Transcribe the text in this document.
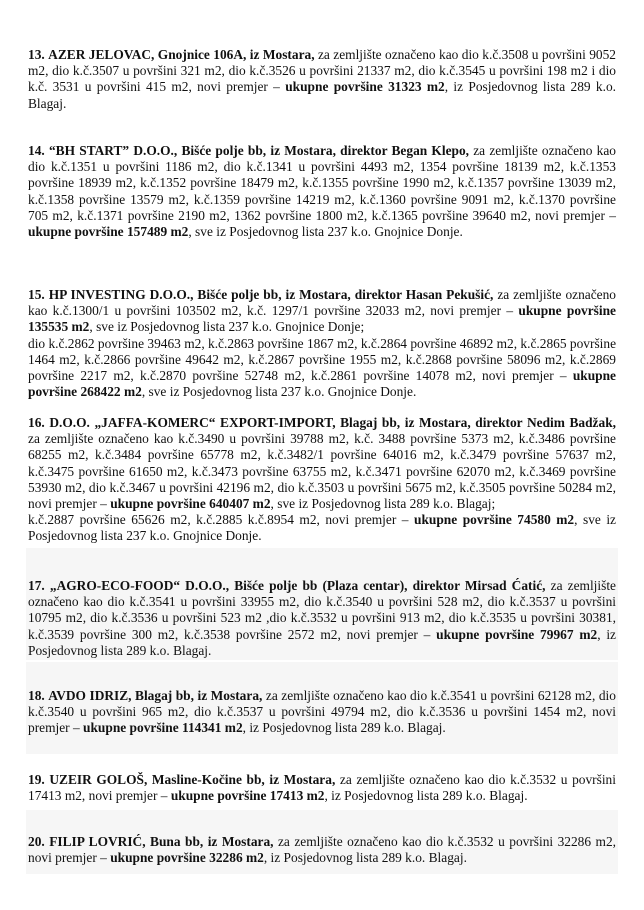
13. AZER JELOVAC, Gnojnice 106A, iz Mostara, za zemljište označeno kao dio k.č.3508 u površini 9052 m2, dio k.č.3507 u površini 321 m2, dio k.č.3526 u površini 21337 m2, dio k.č.3545 u površini 198 m2 i dio k.č. 3531 u površini 415 m2, novi premjer – ukupne površine 31323 m2, iz Posjedovnog lista 289 k.o. Blagaj.

14. “BH START” D.O.O., Bišće polje bb, iz Mostara, direktor Began Klepo, za zemljište označeno kao dio k.č.1351 u površini 1186 m2, dio k.č.1341 u površini 4493 m2, 1354 površine 18139 m2, k.č.1353 površine 18939 m2, k.č.1352 površine 18479 m2, k.č.1355 površine 1990 m2, k.č.1357 površine 13039 m2, k.č.1358 površine 13579 m2, k.č.1359 površine 14219 m2, k.č.1360 površine 9091 m2, k.č.1370 površine 705 m2, k.č.1371 površine 2190 m2, 1362 površine 1800 m2, k.č.1365 površine 39640 m2, novi premjer – ukupne površine 157489 m2, sve iz Posjedovnog lista 237 k.o. Gnojnice Donje.

15. HP INVESTING D.O.O., Bišće polje bb, iz Mostara, direktor Hasan Pekušić, za zemljište označeno kao k.č.1300/1 u površini 103502 m2, k.č. 1297/1 površine 32033 m2, novi premjer – ukupne površine 135535 m2, sve iz Posjedovnog lista 237 k.o. Gnojnice Donje;

dio k.č.2862 površine 39463 m2, k.č.2863 površine 1867 m2, k.č.2864 površine 46892 m2, k.č.2865 površine 1464 m2, k.č.2866 površine 49642 m2, k.č.2867 površine 1955 m2, k.č.2868 površine 58096 m2, k.č.2869 površine 2217 m2, k.č.2870 površine 52748 m2, k.č.2861 površine 14078 m2, novi premjer – ukupne površine 268422 m2, sve iz Posjedovnog lista 237 k.o. Gnojnice Donje.

16. D.O.O. „JAFFA-KOMERC“ EXPORT-IMPORT, Blagaj bb, iz Mostara, direktor Nedim Badžak, za zemljište označeno kao k.č.3490 u površini 39788 m2, k.č. 3488 površine 5373 m2, k.č.3486 površine 68255 m2, k.č.3484 površine 65778 m2, k.č.3482/1 površine 64016 m2, k.č.3479 površine 57637 m2, k.č.3475 površine 61650 m2, k.č.3473 površine 63755 m2, k.č.3471 površine 62070 m2, k.č.3469 površine 53930 m2, dio k.č.3467 u površini 42196 m2, dio k.č.3503 u površini 5675 m2, k.č.3505 površine 50284 m2, novi premjer – ukupne površine 640407 m2, sve iz Posjedovnog lista 289 k.o. Blagaj;

k.č.2887 površine 65626 m2, k.č.2885 k.č.8954 m2, novi premjer – ukupne površine 74580 m2, sve iz Posjedovnog lista 237 k.o. Gnojnice Donje.

17. „AGRO-ECO-FOOD“ D.O.O., Bišće polje bb (Plaza centar), direktor Mirsad Ćatić, za zemljište označeno kao dio k.č.3541 u površini 33955 m2, dio k.č.3540 u površini 528 m2, dio k.č.3537 u površini 10795 m2, dio k.č.3536 u površini 523 m2 ,dio k.č.3532 u površini 913 m2, dio k.č.3535 u površini 30381, k.č.3539 površine 300 m2, k.č.3538 površine 2572 m2, novi premjer – ukupne površine 79967 m2, iz Posjedovnog lista 289 k.o. Blagaj.

18. AVDO IDRIZ, Blagaj bb, iz Mostara, za zemljište označeno kao dio k.č.3541 u površini 62128 m2, dio k.č.3540 u površini 965 m2, dio k.č.3537 u površini 49794 m2, dio k.č.3536 u površini 1454 m2, novi premjer – ukupne površine 114341 m2, iz Posjedovnog lista 289 k.o. Blagaj.

19. UZEIR GOLOŠ, Masline-Kočine bb, iz Mostara, za zemljište označeno kao dio k.č.3532 u površini 17413 m2, novi premjer – ukupne površine 17413 m2, iz Posjedovnog lista 289 k.o. Blagaj.

20. FILIP LOVRIĆ, Buna bb, iz Mostara, za zemljište označeno kao dio k.č.3532 u površini 32286 m2, novi premjer – ukupne površine 32286 m2, iz Posjedovnog lista 289 k.o. Blagaj.
